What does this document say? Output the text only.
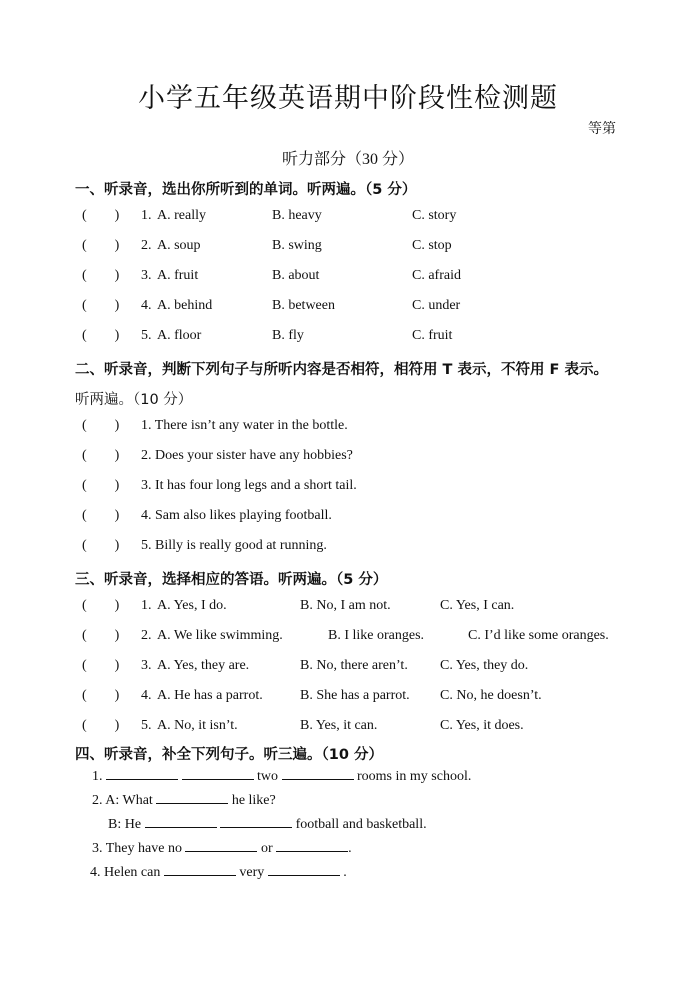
小学五年级英语期中阶段性检测题
等第
听力部分（30 分）
一、听录音，选出你所听到的单词。听两遍。（5 分）
(        ) 1. A. really	B. heavy	C. story
(        ) 2. A. soup	B. swing	C. stop
(        ) 3. A. fruit	B. about	C. afraid
(        ) 4. A. behind	B. between	C. under
(        ) 5. A. floor	B. fly	C. fruit
二、听录音，判断下列句子与所听内容是否相符，相符用 T 表示，不符用 F 表示。
听两遍。（10 分）
(        ) 1. There isn’t any water in the bottle.
(        ) 2. Does your sister have any hobbies?
(        ) 3. It has four long legs and a short tail.
(        ) 4. Sam also likes playing football.
(        ) 5. Billy is really good at running.
三、听录音，选择相应的答语。听两遍。（5 分）
(        ) 1. A. Yes, I do.	B. No, I am not.	C. Yes, I can.
(        ) 2. A. We like swimming.	B. I like oranges.	C. I’d like some oranges.
(        ) 3. A. Yes, they are.	B. No, there aren’t. C. Yes, they do.
(        ) 4. A. He has a parrot.	B. She has a parrot. C. No, he doesn’t.
(        ) 5. A. No, it isn’t.	B. Yes, it can.	C. Yes, it does.
四、听录音，补全下列句子。听三遍。（10 分）
1.	two	rooms in my school.
2. A: What	he like?
B: He	football and basketball.
3. They have no	or	.
4. Helen can	very	.
